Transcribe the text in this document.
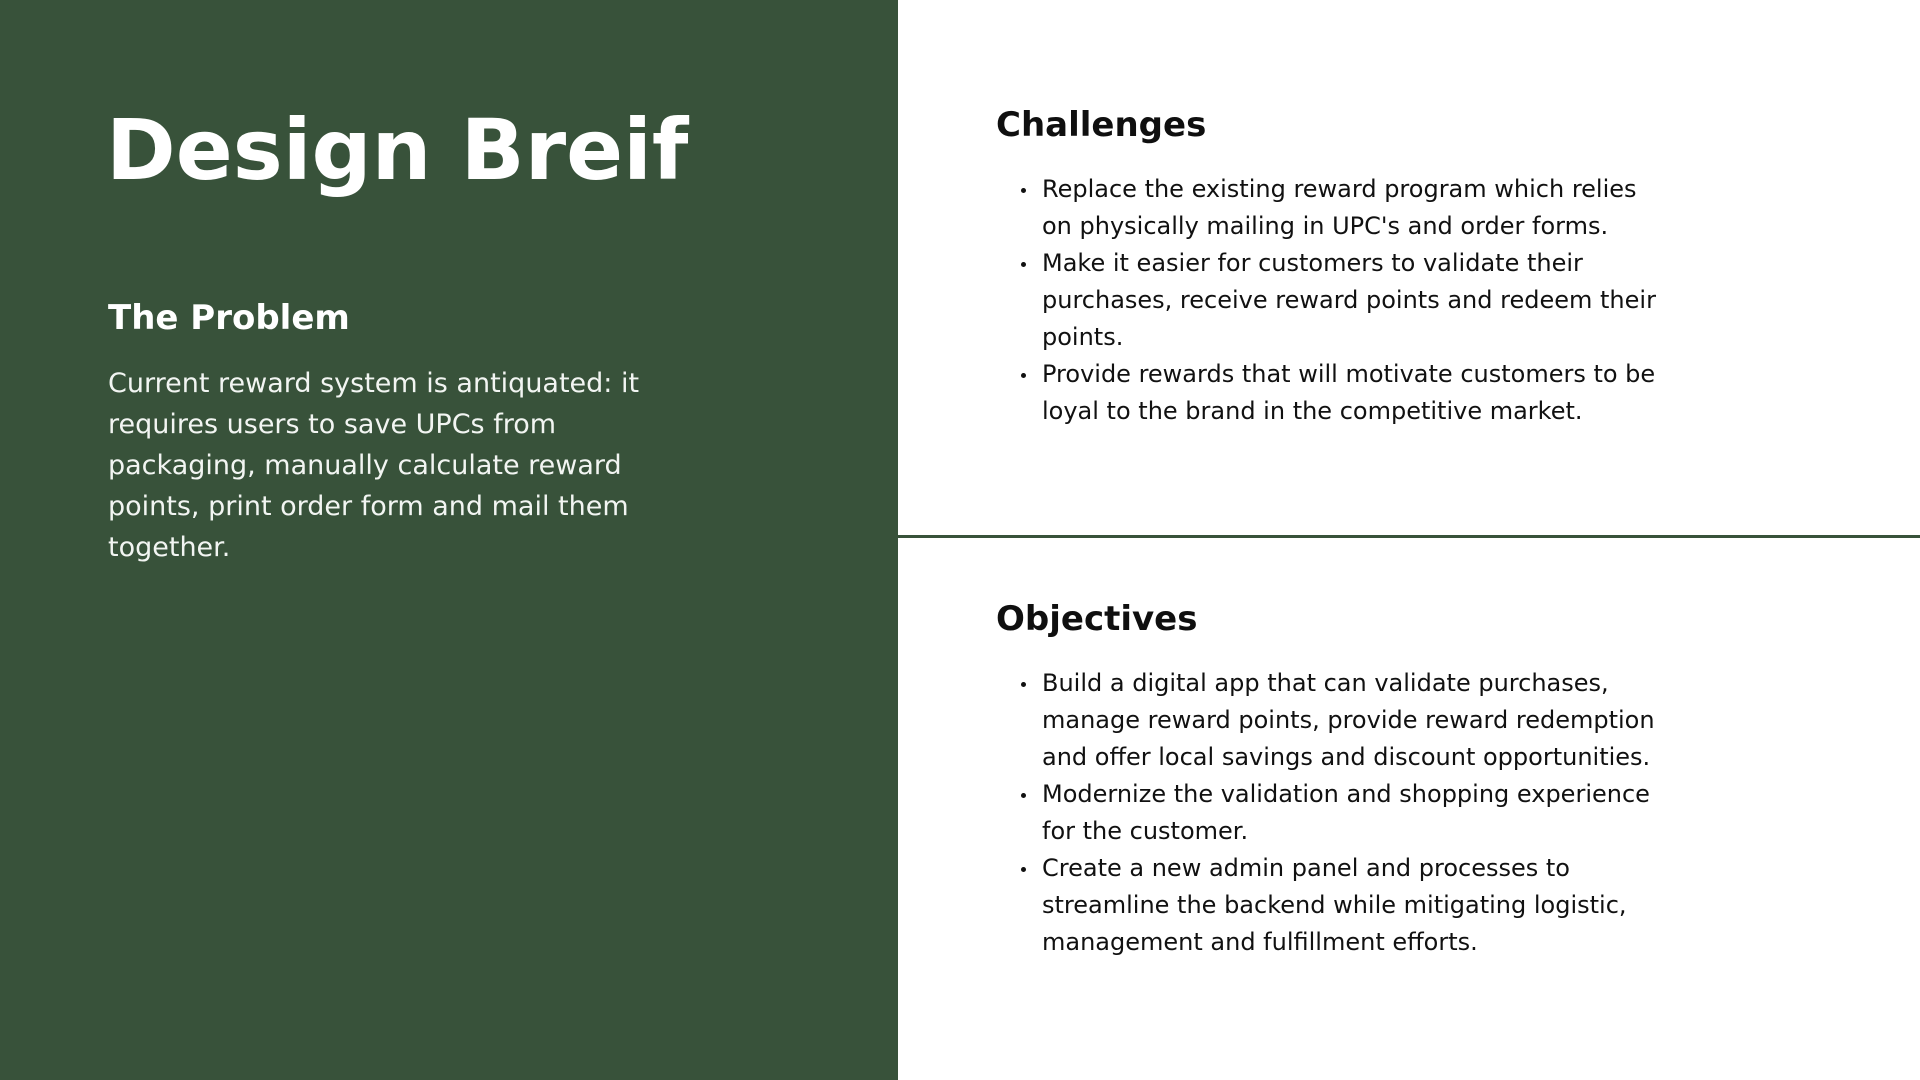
Design Breif
The Problem

Current reward system is antiquated: it requires users to save UPCs from packaging, manually calculate reward points, print order form and mail them together.

Challenges
Replace the existing reward program which relies on physically mailing in UPC's and order forms.
Make it easier for customers to validate their purchases, receive reward points and redeem their points.
Provide rewards that will motivate customers to be loyal to the brand in the competitive market.
Objectives
Build a digital app that can validate purchases, manage reward points, provide reward redemption and offer local savings and discount opportunities.
Modernize the validation and shopping experience for the customer.
Create a new admin panel and processes to streamline the backend while mitigating logistic, management and fulfillment efforts.
